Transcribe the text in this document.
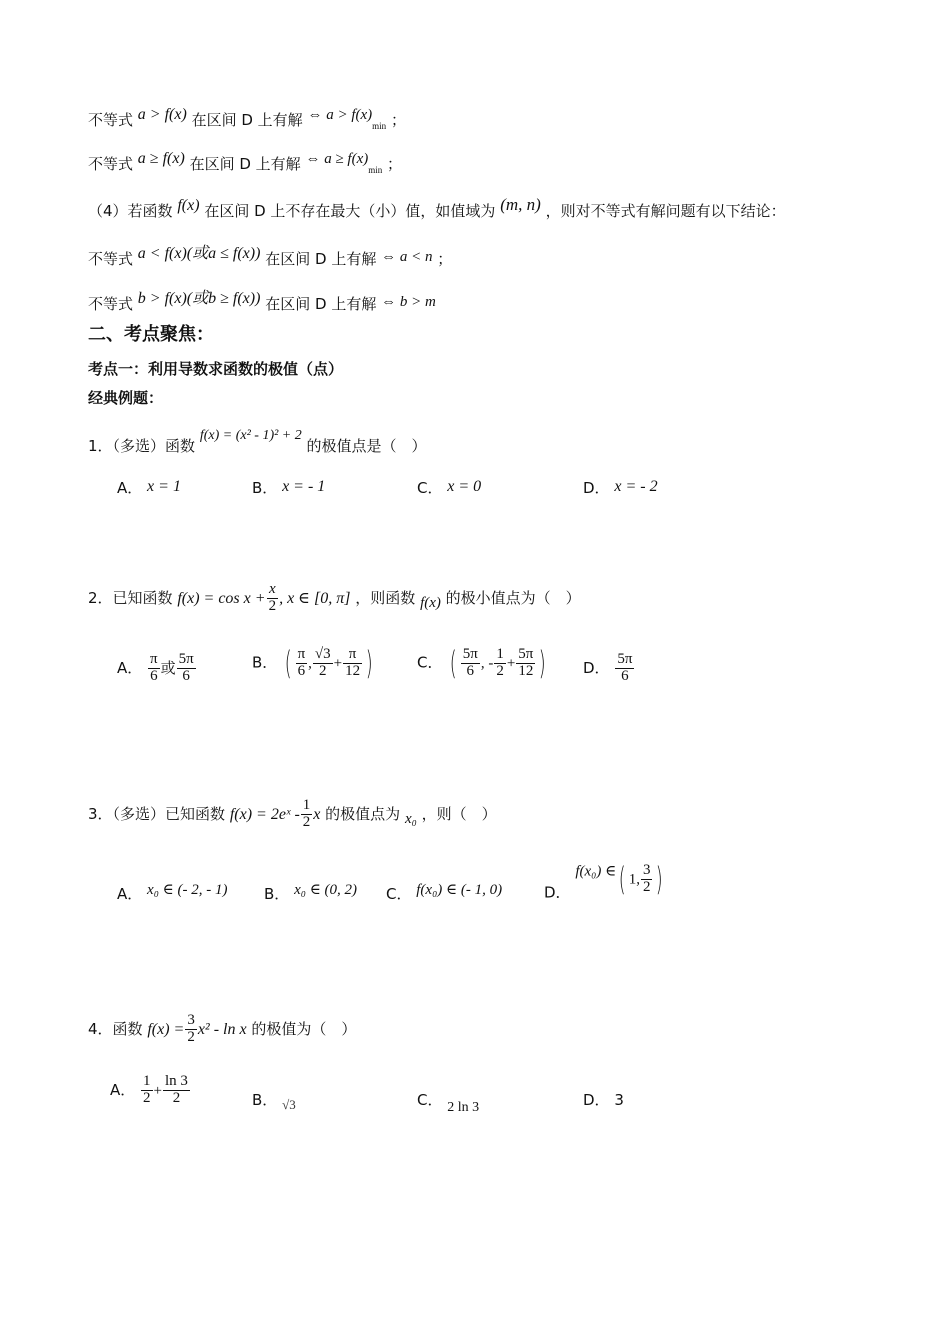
不等式 a > f(x) 在区间 D 上有解 ⇔ $a > f(x)_{min}$ ；
不等式 a ≥ f(x) 在区间 D 上有解 ⇔ $a \ge f(x)_{min}$ ；
（4）若函数 f(x) 在区间 D 上不存在最大（小）值，如值域为 (m, n) ，则对不等式有解问题有以下结论：
不等式 a < f(x)(或a ≤ f(x)) 在区间 D 上有解 ⇔ a < n ；
不等式 b > f(x)(或b ≥ f(x)) 在区间 D 上有解 ⇔ b > m
二、考点聚焦：
考点一：利用导数求函数的极值（点）
经典例题：
1．（多选）函数 f(x) = (x² - 1)² + 2 的极值点是（　）
A． x = 1	B． x = - 1	C． x = 0	D． x = - 2
2．已知函数 $f(x) = \cos x + \frac{x}{2}$ , x ∈ [0, π] ，则函数 f(x) 的极小值点为（　）
A． $\frac{\pi}{6}$ 或 $\frac{5\pi}{6}$	B． ( $\frac{\pi}{6}$ , $\frac{√3}{2} + \frac{\pi}{12}$ )	C． ( $\frac{5\pi}{6}$ , - $\frac{1}{2} + \frac{5\pi}{12}$ ) D． $\frac{5\pi}{6}$
3．（多选）已知函数 f(x) = 2eˣ - $\frac{1}{2}$ x 的极值点为 x₀ ，则（　）
A． x₀ ∈ (- 2, - 1) B． x₀ ∈ (0, 2) C． f(x₀) ∈ (- 1, 0)	D． f(x₀) ∈( 1, $\frac{3}{2}$ )
4．函数 $f(x) = \frac{3}{2} x^2 - \ln x$ 的极值为（　）
A． $\frac{1}{2} + \frac{\ln 3}{2}$	B． √3	C． 2 ln 3	D． 3
